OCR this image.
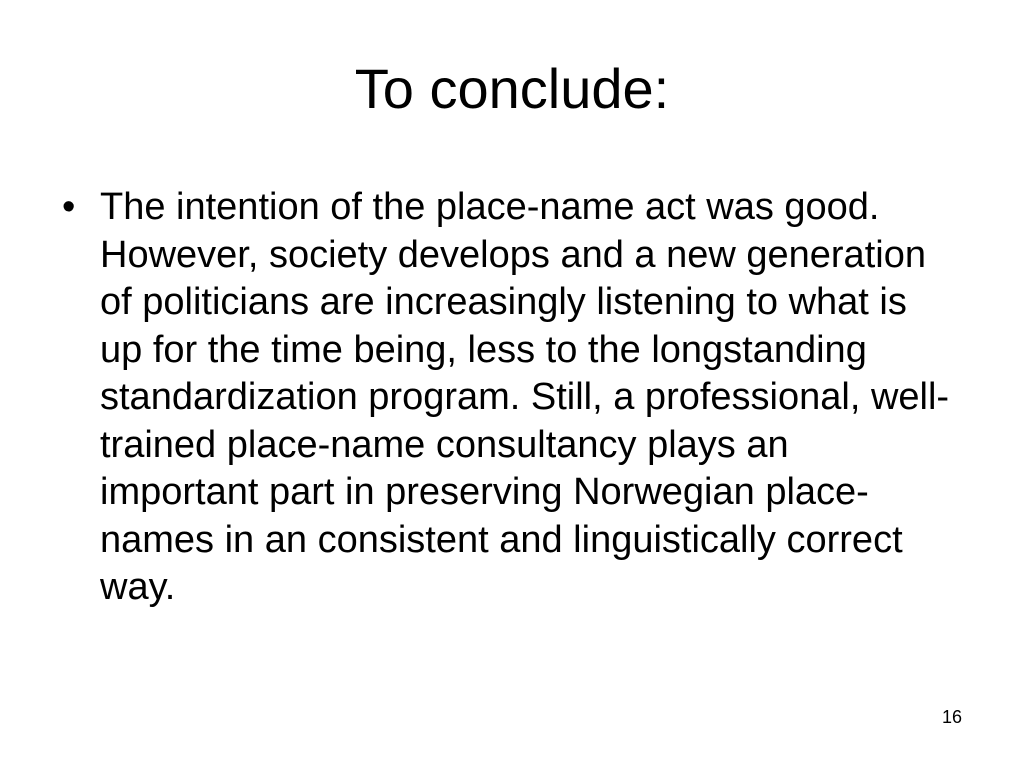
To conclude:
• The intention of the place-name act was good. However, society develops and a new generation of politicians are increasingly listening to what is up for the time being, less to the longstanding standardization program. Still, a professional, well-trained place-name consultancy plays an important part in preserving Norwegian place-names in an consistent and linguistically correct way.
16
